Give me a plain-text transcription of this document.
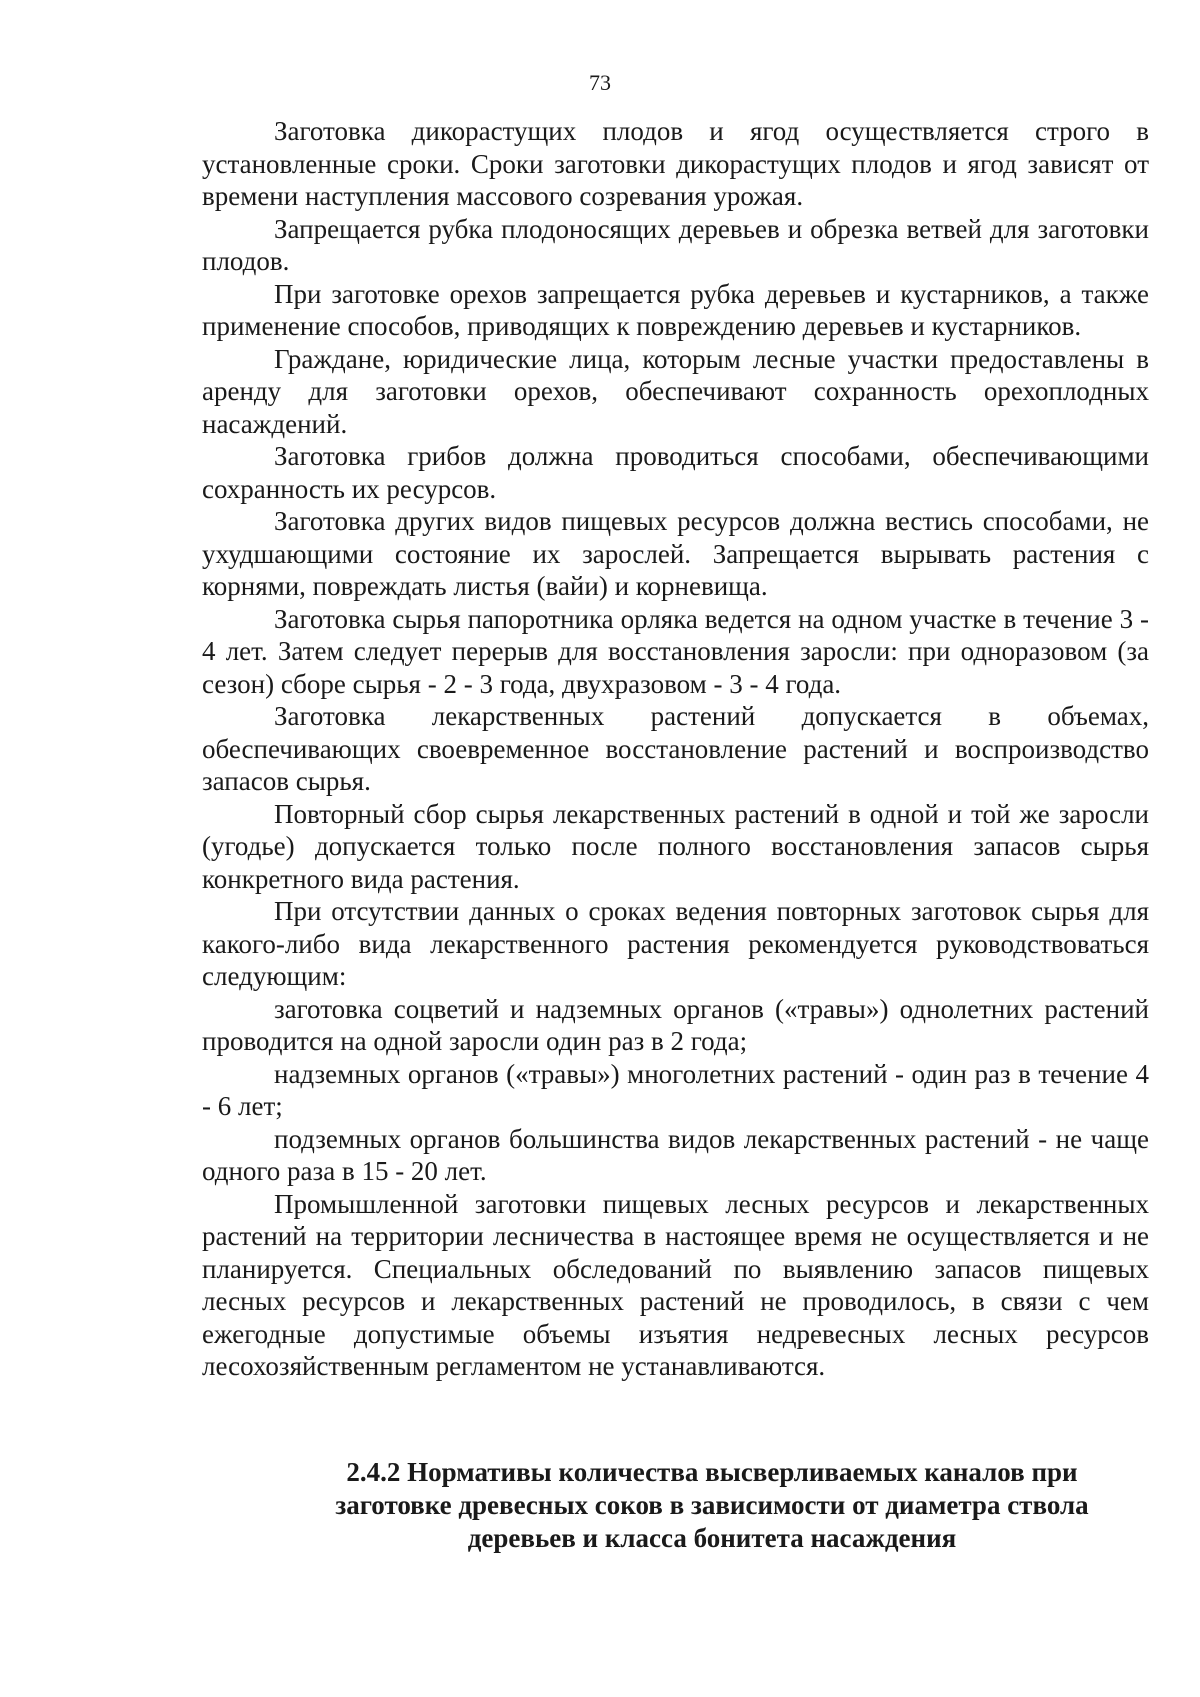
73

Заготовка дикорастущих плодов и ягод осуществляется строго в установленные сроки. Сроки заготовки дикорастущих плодов и ягод зависят от времени наступления массового созревания урожая.

Запрещается рубка плодоносящих деревьев и обрезка ветвей для заготовки плодов.

При заготовке орехов запрещается рубка деревьев и кустарников, а также применение способов, приводящих к повреждению деревьев и кустарников.

Граждане, юридические лица, которым лесные участки предоставлены в аренду для заготовки орехов, обеспечивают сохранность орехоплодных насаждений.

Заготовка грибов должна проводиться способами, обеспечивающими сохранность их ресурсов.

Заготовка других видов пищевых ресурсов должна вестись способами, не ухудшающими состояние их зарослей. Запрещается вырывать растения с корнями, повреждать листья (вайи) и корневища.

Заготовка сырья папоротника орляка ведется на одном участке в течение 3 - 4 лет. Затем следует перерыв для восстановления заросли: при одноразовом (за сезон) сборе сырья - 2 - 3 года, двухразовом - 3 - 4 года.

Заготовка лекарственных растений допускается в объемах, обеспечивающих своевременное восстановление растений и воспроизводство запасов сырья.

Повторный сбор сырья лекарственных растений в одной и той же заросли (угодье) допускается только после полного восстановления запасов сырья конкретного вида растения.

При отсутствии данных о сроках ведения повторных заготовок сырья для какого-либо вида лекарственного растения рекомендуется руководствоваться следующим:

заготовка соцветий и надземных органов («травы») однолетних растений проводится на одной заросли один раз в 2 года;

надземных органов («травы») многолетних растений - один раз в течение 4 - 6 лет;

подземных органов большинства видов лекарственных растений - не чаще одного раза в 15 - 20 лет.

Промышленной заготовки пищевых лесных ресурсов и лекарственных растений на территории лесничества в настоящее время не осуществляется и не планируется. Специальных обследований по выявлению запасов пищевых лесных ресурсов и лекарственных растений не проводилось, в связи с чем ежегодные допустимые объемы изъятия недревесных лесных ресурсов лесохозяйственным регламентом не устанавливаются.

2.4.2 Нормативы количества высверливаемых каналов при
заготовке древесных соков в зависимости от диаметра ствола
деревьев и класса бонитета насаждения
